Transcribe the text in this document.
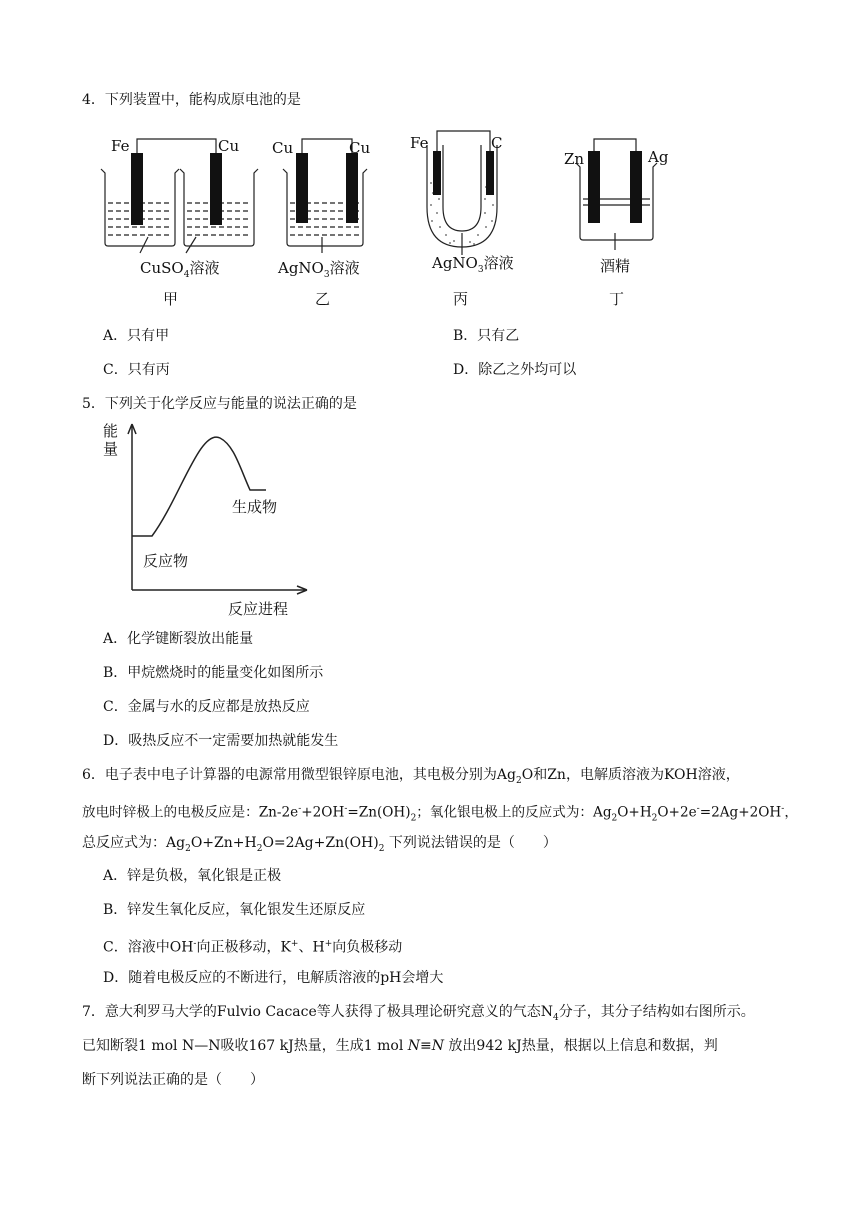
4．下列装置中，能构成原电池的是
Fe	Cu Cu	Cu	Fe	C
Zn	Ag
CuSO$_4$溶液	AgNO$_3$溶液	AgNO$_3$溶液	酒精
甲	乙	丙	丁
A．只有甲	B．只有乙
C．只有丙	D．除乙之外均可以
5．下列关于化学反应与能量的说法正确的是
能
量
生成物
反应物
反应进程
A．化学键断裂放出能量
B．甲烷燃烧时的能量变化如图所示
C．金属与水的反应都是放热反应
D．吸热反应不一定需要加热就能发生
6．电子表中电子计算器的电源常用微型银锌原电池，其电极分别为$Ag_2O$和Zn，电解质溶液为KOH溶液，
放电时锌极上的电极反应是：$Zn-2e^-+2OH^-=Zn(OH)_2$；氧化银电极上的反应式为：$Ag_2O+H_2O+2e^-=2Ag+2OH^-$，
总反应式为：$Ag_2O+Zn+H_2O=2Ag+Zn(OH)_2$ 下列说法错误的是（　　）
A．锌是负极，氧化银是正极
B．锌发生氧化反应，氧化银发生还原反应
C．溶液中OH-向正极移动，K+、H+向负极移动
D．随着电极反应的不断进行，电解质溶液的pH会增大
7．意大利罗马大学的Fulvio Cacace等人获得了极具理论研究意义的气态$N_4$分子，其分子结构如右图所示。
已知断裂1 mol N—N吸收167 kJ热量，生成1 mol N≡N 放出942 kJ热量，根据以上信息和数据，判
断下列说法正确的是（　　）
